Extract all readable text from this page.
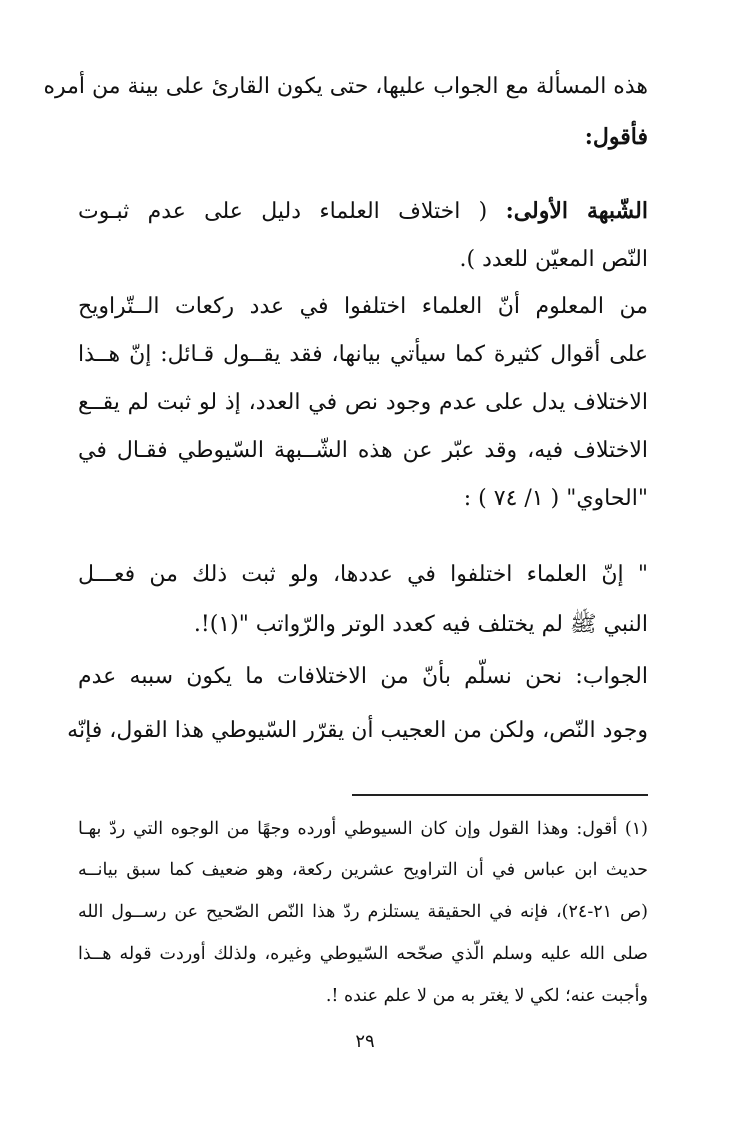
هذه المسألة مع الجواب عليها، حتى يكون القارئ على بينة من أمره
فأقول:
الشّبهة الأولى: ( اختلاف العلماء دليل على عدم ثبـوت
النّص المعيّن للعدد ).
من المعلوم أنّ العلماء اختلفوا في عدد ركعات الــتّراويح
على أقوال كثيرة كما سيأتي بيانها، فقد يقــول قـائل: إنّ هــذا
الاختلاف يدل على عدم وجود نص في العدد، إذ لو ثبت لم يقــع
الاختلاف فيه، وقد عبّر عن هذه الشّــبهة السّيوطي فقـال في
"الحاوي" ( ١/ ٧٤ ) :
" إنّ العلماء اختلفوا في عددها، ولو ثبت ذلك من فعـــل
النبي ﷺ لم يختلف فيه كعدد الوتر والرّواتب "(١)!.
الجواب: نحن نسلّم بأنّ من الاختلافات ما يكون سببه عدم
وجود النّص، ولكن من العجيب أن يقرّر السّيوطي هذا القول، فإنّه
(١) أقول: وهذا القول وإن كان السيوطي أورده وجهًا من الوجوه التي ردّ بهـا
حديث ابن عباس في أن التراويح عشرين ركعة، وهو ضعيف كما سبق بيانــه
(ص ٢١-٢٤)، فإنه في الحقيقة يستلزم ردّ هذا النّص الصّحيح عن رســول الله
صلى الله عليه وسلم الّذي صحّحه السّيوطي وغيره، ولذلك أوردت قوله هــذا
وأجبت عنه؛ لكي لا يغتر به من لا علم عنده !.
٢٩
